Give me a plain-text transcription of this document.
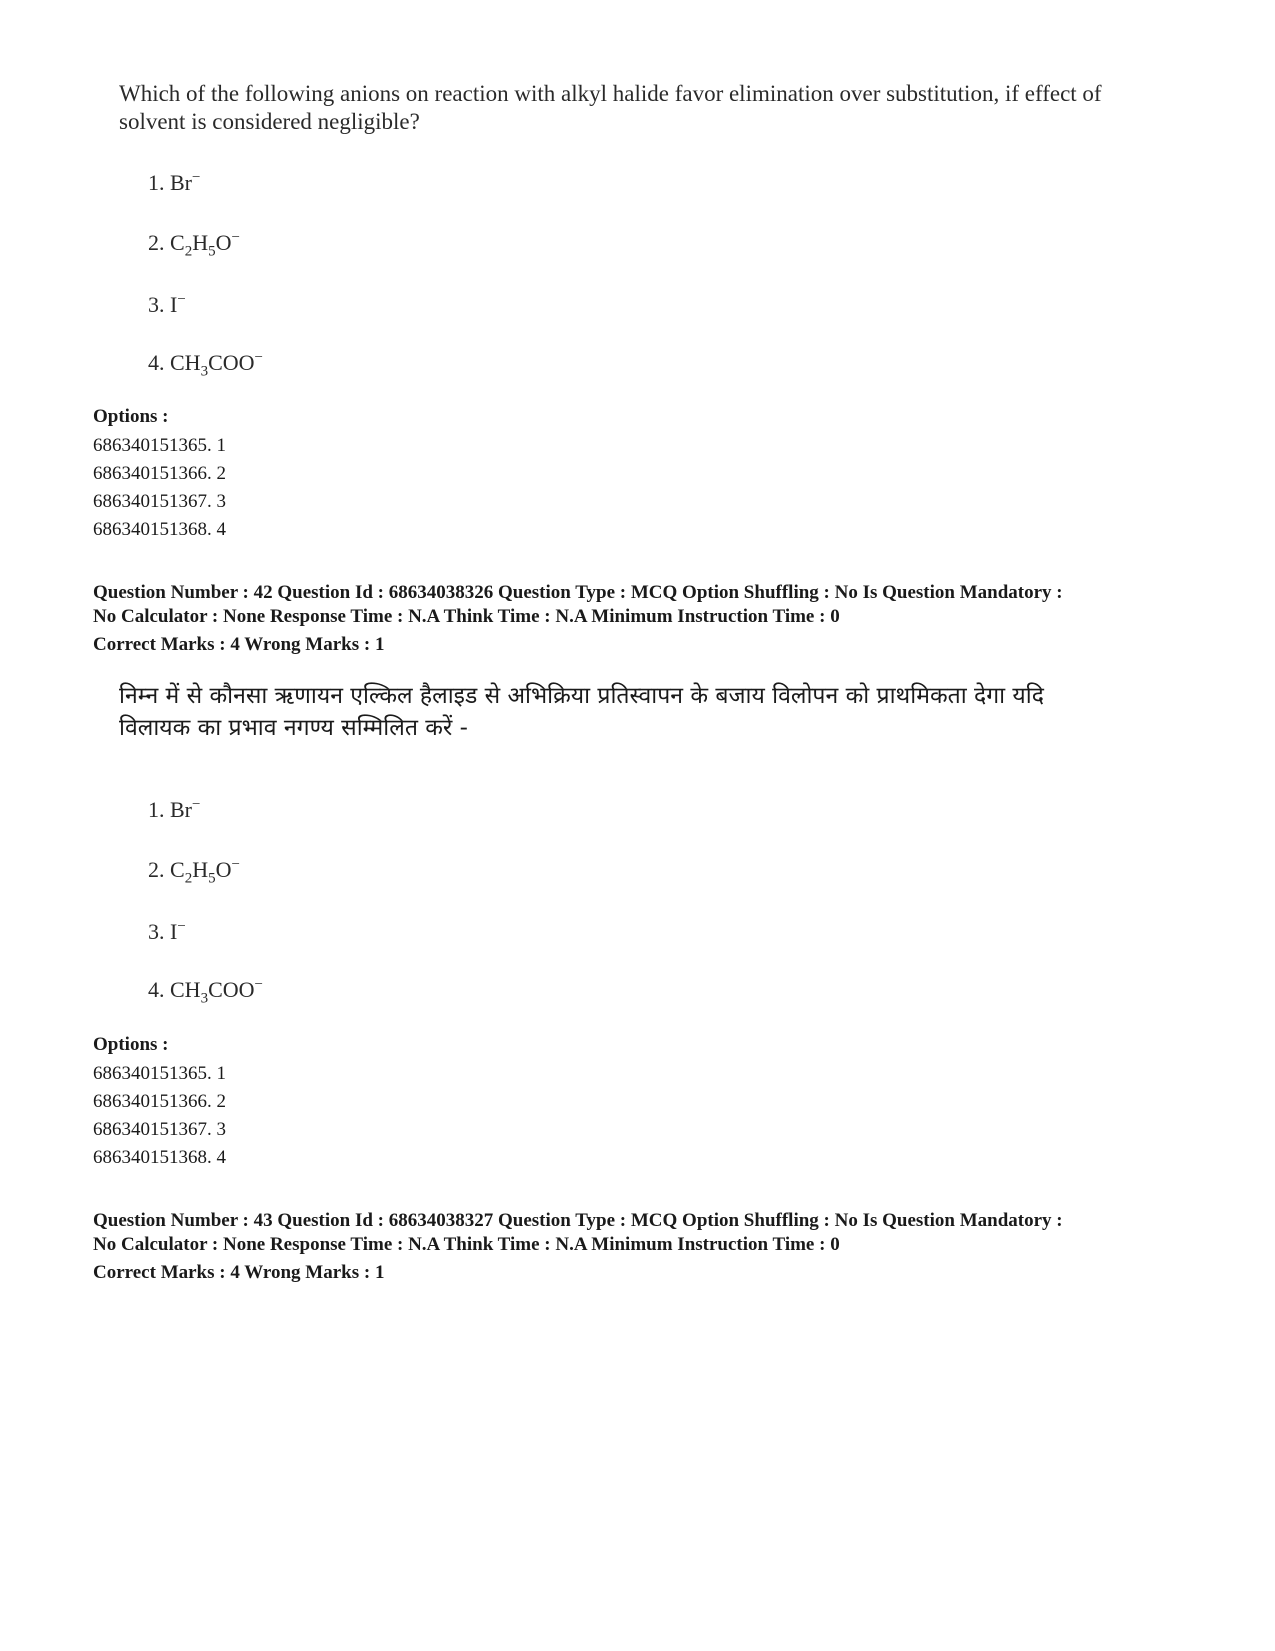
Which of the following anions on reaction with alkyl halide favor elimination over substitution, if effect of solvent is considered negligible?
1. Br−
2. $C_2H_5O^-$
3. I−
4. $CH_3COO^-$
Options :
686340151365. 1
686340151366. 2
686340151367. 3
686340151368. 4
Question Number : 42 Question Id : 68634038326 Question Type : MCQ Option Shuffling : No Is Question Mandatory :
No Calculator : None Response Time : N.A Think Time : N.A Minimum Instruction Time : 0
Correct Marks : 4 Wrong Marks : 1
निम्न में से कौनसा ऋणायन एल्किल हैलाइड से अभिक्रिया प्रतिस्वापन के बजाय विलोपन को प्राथमिकता देगा यदि
विलायक का प्रभाव नगण्य सम्मिलित करें -
1. Br−
2. $C_2H_5O^-$
3. I−
4. $CH_3COO^-$
Options :
686340151365. 1
686340151366. 2
686340151367. 3
686340151368. 4
Question Number : 43 Question Id : 68634038327 Question Type : MCQ Option Shuffling : No Is Question Mandatory :
No Calculator : None Response Time : N.A Think Time : N.A Minimum Instruction Time : 0
Correct Marks : 4 Wrong Marks : 1
